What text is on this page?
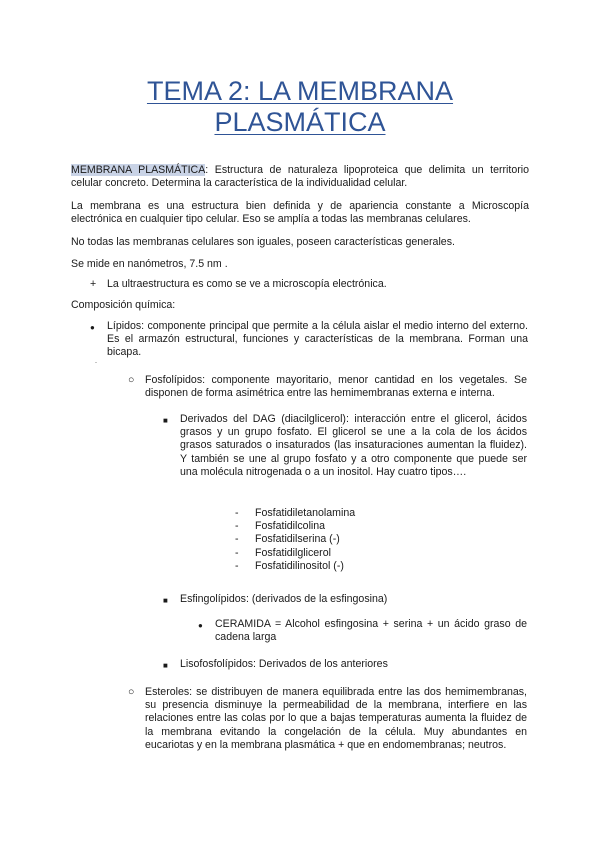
TEMA 2: LA MEMBRANA
PLASMÁTICA

MEMBRANA PLASMÁTICA: Estructura de naturaleza lipoproteica que delimita un territorio celular concreto. Determina la característica de la individualidad celular.

La membrana es una estructura bien definida y de apariencia constante a Microscopía electrónica en cualquier tipo celular. Eso se amplía a todas las membranas celulares.

No todas las membranas celulares son iguales, poseen características generales.

Se mide en nanómetros, 7.5 nm .

+ La ultraestructura es como se ve a microscopía electrónica.

Composición química:

● Lípidos: componente principal que permite a la célula aislar el medio interno del externo. Es el armazón estructural, funciones y características de la membrana. Forman una bicapa.

-
○ Fosfolípidos: componente mayoritario, menor cantidad en los vegetales. Se disponen de forma asimétrica entre las hemimembranas externa e interna.

■ Derivados del DAG (diacilglicerol): interacción entre el glicerol, ácidos grasos y un grupo fosfato. El glicerol se une a la cola de los ácidos grasos saturados o insaturados (las insaturaciones aumentan la fluidez). Y también se une al grupo fosfato y a otro componente que puede ser una molécula nitrogenada o a un inositol. Hay cuatro tipos….

- Fosfatidiletanolamina
- Fosfatidilcolina
- Fosfatidilserina (-)
- Fosfatidilglicerol
- Fosfatidilinositol (-)
■ Esfingolípidos: (derivados de la esfingosina)

● CERAMIDA = Alcohol esfingosina + serina + un ácido graso de cadena larga

■ Lisofosfolípidos: Derivados de los anteriores

○ Esteroles: se distribuyen de manera equilibrada entre las dos hemimembranas, su presencia disminuye la permeabilidad de la membrana, interfiere en las relaciones entre las colas por lo que a bajas temperaturas aumenta la fluidez de la membrana evitando la congelación de la célula. Muy abundantes en eucariotas y en la membrana plasmática + que en endomembranas; neutros.
